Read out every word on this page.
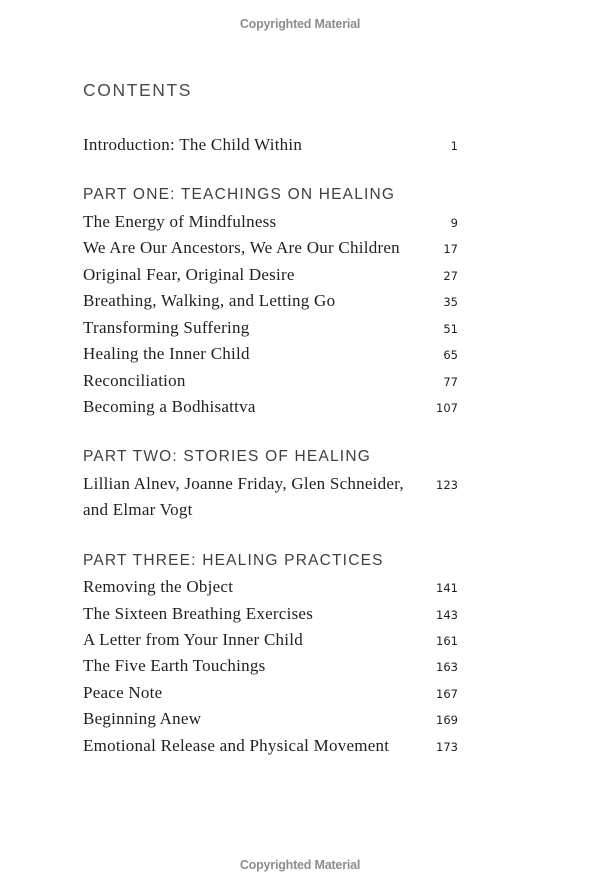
Copyrighted Material
CONTENTS
Introduction: The Child Within	1
PART ONE: TEACHINGS ON HEALING
The Energy of Mindfulness	9
We Are Our Ancestors, We Are Our Children	17
Original Fear, Original Desire	27
Breathing, Walking, and Letting Go	35
Transforming Suffering	51
Healing the Inner Child	65
Reconciliation	77
Becoming a Bodhisattva	107
PART TWO: STORIES OF HEALING
Lillian Alnev, Joanne Friday, Glen Schneider,	123
and Elmar Vogt
PART THREE: HEALING PRACTICES
Removing the Object	141
The Sixteen Breathing Exercises	143
A Letter from Your Inner Child	161
The Five Earth Touchings	163
Peace Note	167
Beginning Anew	169
Emotional Release and Physical Movement	173
Copyrighted Material
